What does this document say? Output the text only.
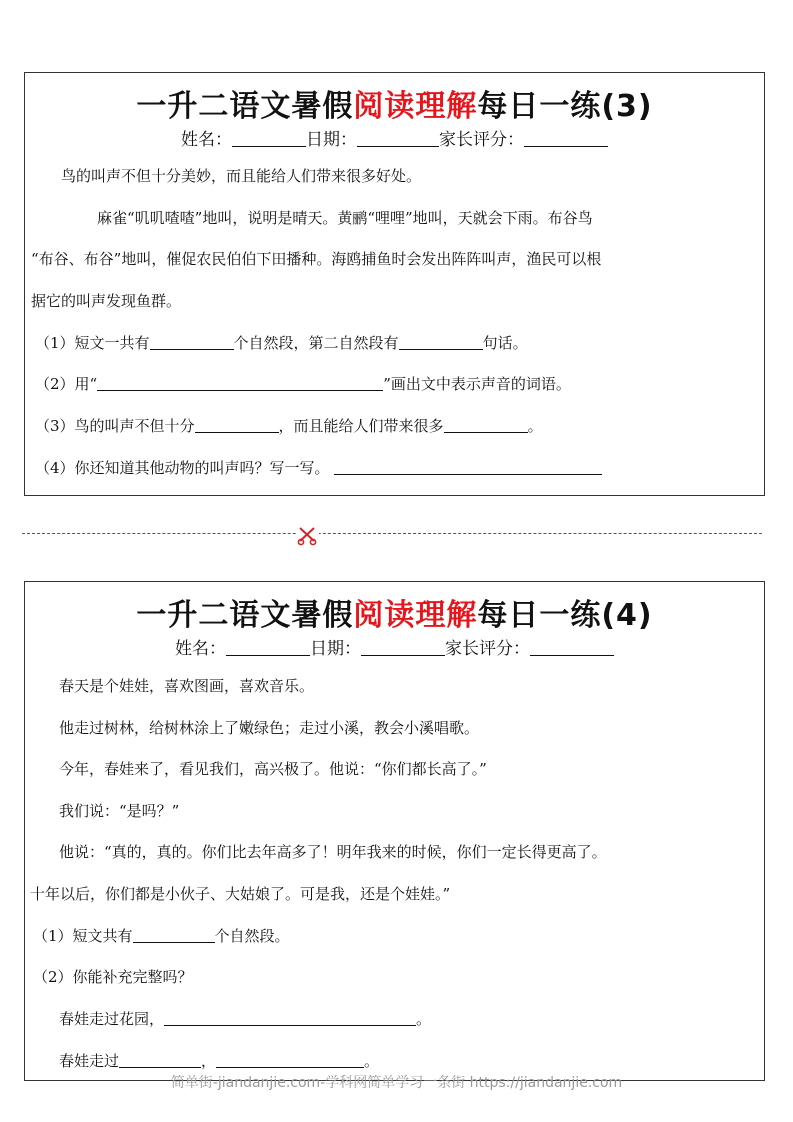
一升二语文暑假阅读理解每日一练(3)
姓名：	日期：	家长评分：
鸟的叫声不但十分美妙，而且能给人们带来很多好处。
麻雀“叽叽喳喳”地叫，说明是晴天。黄鹂“哩哩”地叫，天就会下雨。布谷鸟
“布谷、布谷”地叫，催促农民伯伯下田播种。海鸥捕鱼时会发出阵阵叫声，渔民可以根
据它的叫声发现鱼群。
（1）短文一共有	个自然段，第二自然段有	句话。
（2）用“	”画出文中表示声音的词语。
（3）鸟的叫声不但十分	，而且能给人们带来很多	。
（4）你还知道其他动物的叫声吗？写一写。
一升二语文暑假阅读理解每日一练(4)
姓名：	日期：	家长评分：
春天是个娃娃，喜欢图画，喜欢音乐。
他走过树林，给树林涂上了嫩绿色；走过小溪，教会小溪唱歌。
今年，春娃来了，看见我们，高兴极了。他说：“你们都长高了。”
我们说：“是吗？”
他说：“真的，真的。你们比去年高多了！明年我来的时候，你们一定长得更高了。
十年以后，你们都是小伙子、大姑娘了。可是我，还是个娃娃。”
（1）短文共有	个自然段。
（2）你能补充完整吗？
春娃走过花园，	。
春娃走过	，	。
简单街-jiandanjie.com-学科网简单学习一条街 https://jiandanjie.com
